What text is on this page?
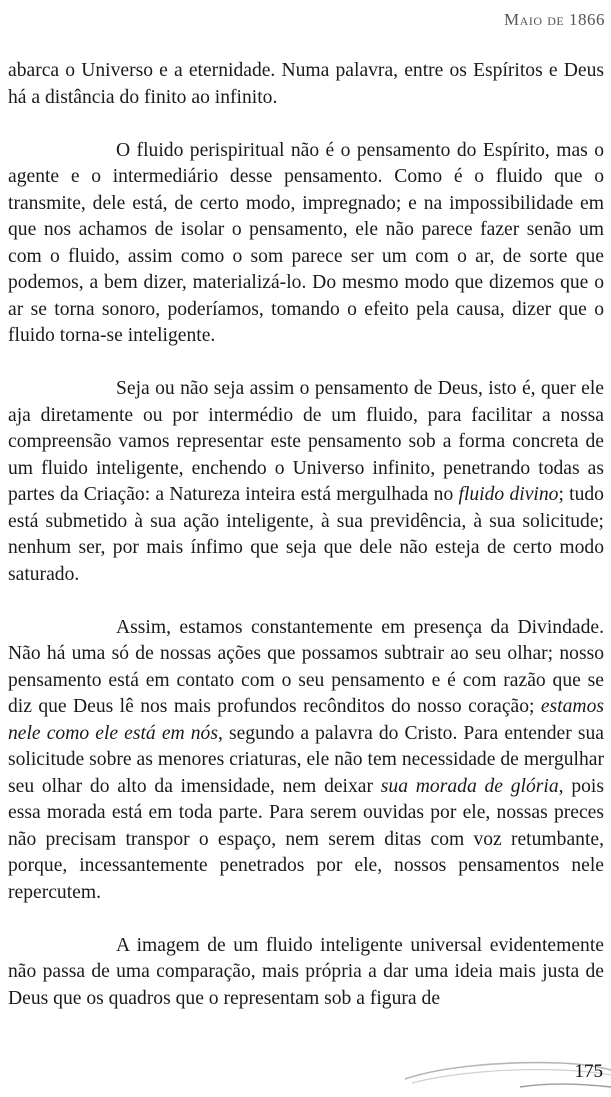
Maio de 1866

abarca o Universo e a eternidade. Numa palavra, entre os Espíritos e Deus há a distância do finito ao infinito.

O fluido perispiritual não é o pensamento do Espírito, mas o agente e o intermediário desse pensamento. Como é o fluido que o transmite, dele está, de certo modo, impregnado; e na impossibilidade em que nos achamos de isolar o pensamento, ele não parece fazer senão um com o fluido, assim como o som parece ser um com o ar, de sorte que podemos, a bem dizer, materializá-lo. Do mesmo modo que dizemos que o ar se torna sonoro, poderíamos, tomando o efeito pela causa, dizer que o fluido torna-se inteligente.

Seja ou não seja assim o pensamento de Deus, isto é, quer ele aja diretamente ou por intermédio de um fluido, para facilitar a nossa compreensão vamos representar este pensamento sob a forma concreta de um fluido inteligente, enchendo o Universo infinito, penetrando todas as partes da Criação: a Natureza inteira está mergulhada no fluido divino; tudo está submetido à sua ação inteligente, à sua previdência, à sua solicitude; nenhum ser, por mais ínfimo que seja que dele não esteja de certo modo saturado.

Assim, estamos constantemente em presença da Divindade. Não há uma só de nossas ações que possamos subtrair ao seu olhar; nosso pensamento está em contato com o seu pensamento e é com razão que se diz que Deus lê nos mais profundos recônditos do nosso coração; estamos nele como ele está em nós, segundo a palavra do Cristo. Para entender sua solicitude sobre as menores criaturas, ele não tem necessidade de mergulhar seu olhar do alto da imensidade, nem deixar sua morada de glória, pois essa morada está em toda parte. Para serem ouvidas por ele, nossas preces não precisam transpor o espaço, nem serem ditas com voz retumbante, porque, incessantemente penetrados por ele, nossos pensamentos nele repercutem.

A imagem de um fluido inteligente universal evidentemente não passa de uma comparação, mais própria a dar uma ideia mais justa de Deus que os quadros que o representam sob a figura de

175
